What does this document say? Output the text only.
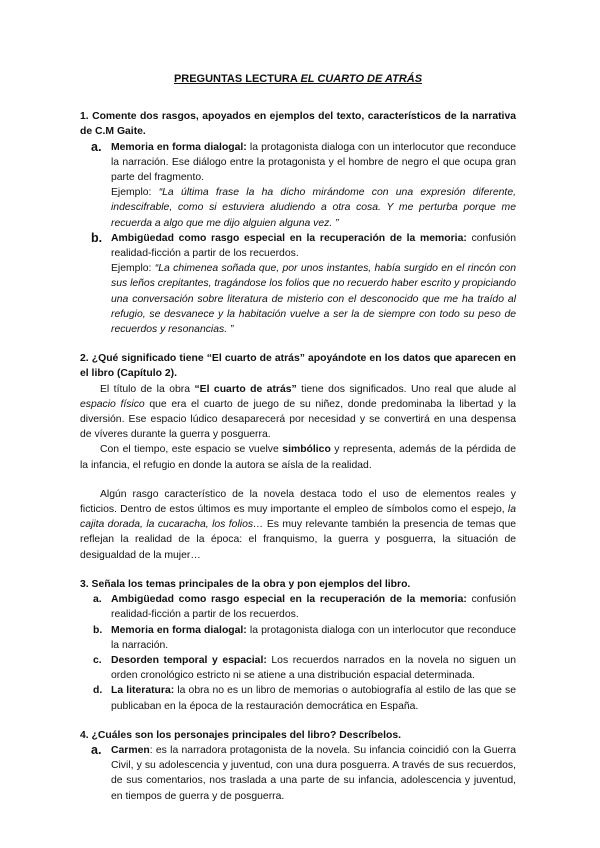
PREGUNTAS LECTURA EL CUARTO DE ATRÁS

1. Comente dos rasgos, apoyados en ejemplos del texto, característicos de la narrativa de C.M Gaite.

a. Memoria en forma dialogal: la protagonista dialoga con un interlocutor que reconduce la narración. Ese diálogo entre la protagonista y el hombre de negro el que ocupa gran parte del fragmento.
Ejemplo: “La última frase la ha dicho mirándome con una expresión diferente, indescifrable, como si estuviera aludiendo a otra cosa. Y me perturba porque me recuerda a algo que me dijo alguien alguna vez. ”
b. Ambigüedad como rasgo especial en la recuperación de la memoria: confusión realidad-ficción a partir de los recuerdos.
Ejemplo: “La chimenea soñada que, por unos instantes, había surgido en el rincón con sus leños crepitantes, tragándose los folios que no recuerdo haber escrito y propiciando una conversación sobre literatura de misterio con el desconocido que me ha traído al refugio, se desvanece y la habitación vuelve a ser la de siempre con todo su peso de recuerdos y resonancias. ”

2. ¿Qué significado tiene “El cuarto de atrás” apoyándote en los datos que aparecen en el libro (Capítulo 2).

El título de la obra “El cuarto de atrás” tiene dos significados. Uno real que alude al espacio físico que era el cuarto de juego de su niñez, donde predominaba la libertad y la diversión. Ese espacio lúdico desaparecerá por necesidad y se convertirá en una despensa de víveres durante la guerra y posguerra.

Con el tiempo, este espacio se vuelve simbólico y representa, además de la pérdida de la infancia, el refugio en donde la autora se aísla de la realidad.

Algún rasgo característico de la novela destaca todo el uso de elementos reales y ficticios. Dentro de estos últimos es muy importante el empleo de símbolos como el espejo, la cajita dorada, la cucaracha, los folios… Es muy relevante también la presencia de temas que reflejan la realidad de la época: el franquismo, la guerra y posguerra, la situación de desigualdad de la mujer…

3. Señala los temas principales de la obra y pon ejemplos del libro.

a. Ambigüedad como rasgo especial en la recuperación de la memoria: confusión realidad-ficción a partir de los recuerdos.
b. Memoria en forma dialogal: la protagonista dialoga con un interlocutor que reconduce la narración.
c. Desorden temporal y espacial: Los recuerdos narrados en la novela no siguen un orden cronológico estricto ni se atiene a una distribución espacial determinada.
d. La literatura: la obra no es un libro de memorias o autobiografía al estilo de las que se publicaban en la época de la restauración democrática en España.

4. ¿Cuáles son los personajes principales del libro? Descríbelos.

a. Carmen: es la narradora protagonista de la novela. Su infancia coincidió con la Guerra Civil, y su adolescencia y juventud, con una dura posguerra. A través de sus recuerdos, de sus comentarios, nos traslada a una parte de su infancia, adolescencia y juventud, en tiempos de guerra y de posguerra.
